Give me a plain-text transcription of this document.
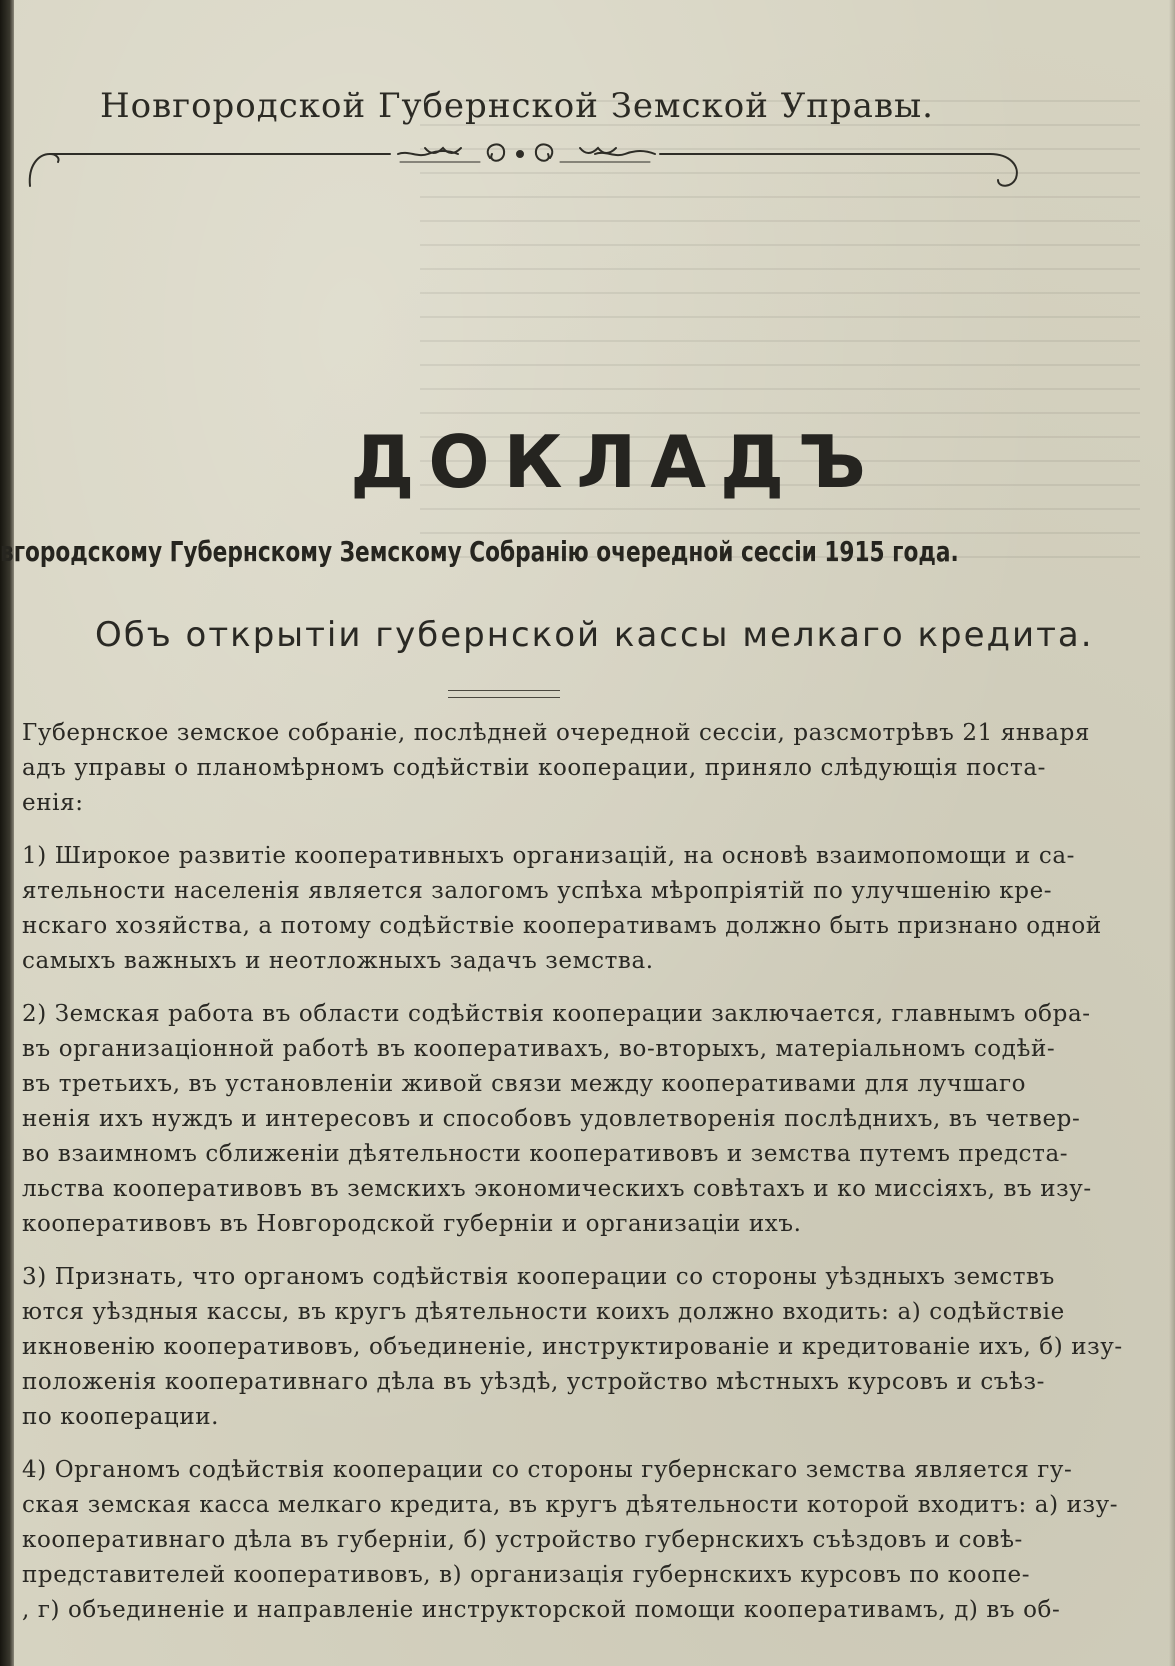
Новгородской Губернской Земской Управы.
ДОКЛАДЪ
вгородскому Губернскому Земскому Собранію очередной сессіи 1915 года.
Объ открытіи губернской кассы мелкаго кредита.
Губернское земское собраніе, послѣдней очередной сессіи, разсмотрѣвъ 21 января
адъ управы о планомѣрномъ содѣйствіи кооперации, приняло слѣдующія поста-
енія:
1) Широкое развитіе кооперативныхъ организацій, на основѣ взаимопомощи и са-
ятельности населенія является залогомъ успѣха мѣропріятій по улучшенію кре-
нскаго хозяйства, а потому содѣйствіе кооперативамъ должно быть признано одной
самыхъ важныхъ и неотложныхъ задачъ земства.
2) Земская работа въ области содѣйствія кооперации заключается, главнымъ обра-
въ организаціонной работѣ въ кооперативахъ, во-вторыхъ, матеріальномъ содѣй-
въ третьихъ, въ установленіи живой связи между кооперативами для лучшаго
ненія ихъ нуждъ и интересовъ и способовъ удовлетворенія послѣднихъ, въ четвер-
во взаимномъ сближеніи дѣятельности кооперативовъ и земства путемъ предста-
льства кооперативовъ въ земскихъ экономическихъ совѣтахъ и ко миссіяхъ, въ изу-
кооперативовъ въ Новгородской губерніи и организаціи ихъ.
3) Признать, что органомъ содѣйствія кооперации со стороны уѣздныхъ земствъ
ются уѣздныя кассы, въ кругъ дѣятельности коихъ должно входить: а) содѣйствіе
икновенію кооперативовъ, объединеніе, инструктированіе и кредитованіе ихъ, б) изу-
положенія кооперативнаго дѣла въ уѣздѣ, устройство мѣстныхъ курсовъ и съѣз-
по кооперации.
4) Органомъ содѣйствія кооперации со стороны губернскаго земства является гу-
ская земская касса мелкаго кредита, въ кругъ дѣятельности которой входитъ: а) изу-
кооперативнаго дѣла въ губерніи, б) устройство губернскихъ съѣздовъ и совѣ-
представителей кооперативовъ, в) организація губернскихъ курсовъ по коопе-
, г) объединеніе и направленіе инструкторской помощи кооперативамъ, д) въ об-
